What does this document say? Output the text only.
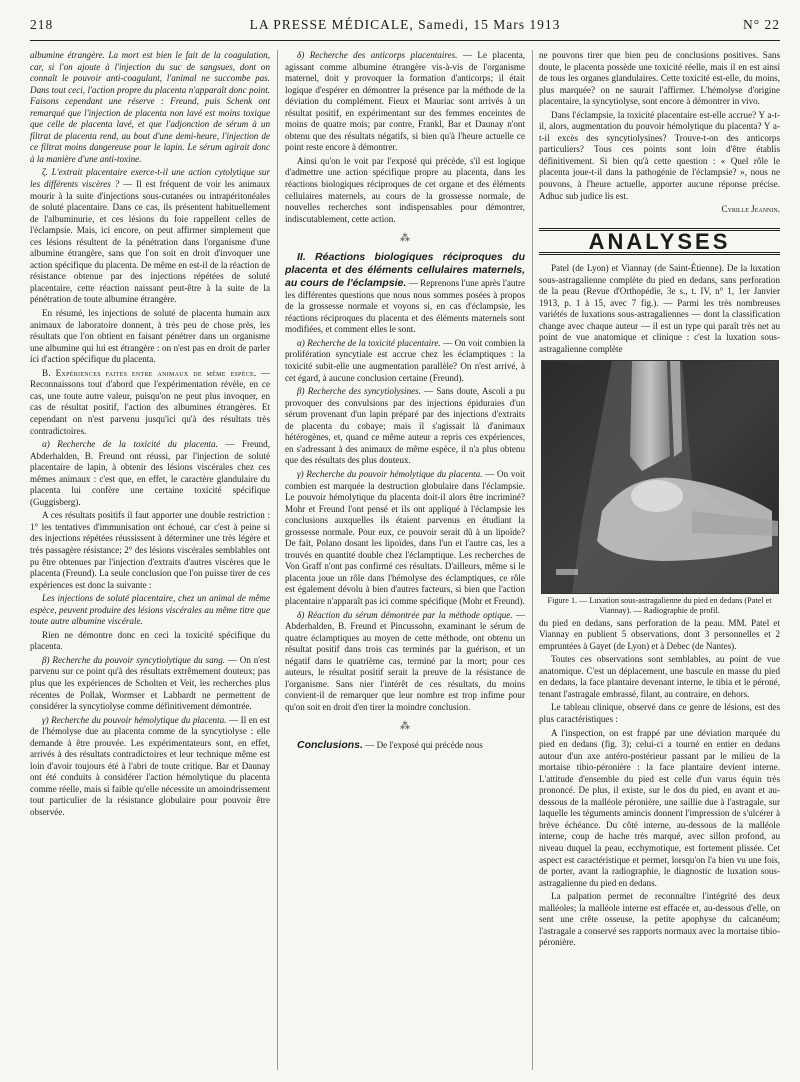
218	LA PRESSE MÉDICALE, Samedi, 15 Mars 1913	N° 22

albumine étrangère. La mort est bien le fait de la coagulation, car, si l'on ajoute à l'injection du suc de sangsues, dont on connaît le pouvoir anti-coagulant, l'animal ne succombe pas. Dans tout ceci, l'action propre du placenta n'apparaît donc point. Faisons cependant une réserve : Freund, puis Schenk ont remarqué que l'injection de placenta non lavé est moins toxique que celle de placenta lavé, et que l'adjonction de sérum à un filtrat de placenta rend, au bout d'une demi-heure, l'injection de ce filtrat moins dangereuse pour le lapin. Le sérum agirait donc à la manière d'une anti-toxine.

ζ. L'extrait placentaire exerce-t-il une action cytolytique sur les différents viscères ? — Il est fréquent de voir les animaux mourir à la suite d'injections sous-cutanées ou intrapéritonéales de soluté placentaire. Dans ce cas, ils présentent habituellement de l'albuminurie, et ces lésions du foie rappellent celles de l'éclampsie. Mais, ici encore, on peut affirmer simplement que ces lésions résultent de la pénétration dans l'organisme d'une albumine étrangère, sans que l'on soit en droit d'invoquer une action spécifique du placenta. De même en est-il de la réaction de résistance obtenue par des injections répétées de soluté placentaire, cette réaction naissant peut-être à la suite de la pénétration de toute albumine étrangère.

En résumé, les injections de soluté de placenta humain aux animaux de laboratoire donnent, à très peu de chose près, les résultats que l'on obtient en faisant pénétrer dans un organisme une albumine qui lui est étrangère : on n'est pas en droit de parler ici d'action spécifique du placenta.

B. Expériences faites entre animaux de même espèce. — Reconnaissons tout d'abord que l'expérimentation révèle, en ce cas, une toute autre valeur, puisqu'on ne peut plus invoquer, en cas de résultat positif, l'action des albumines étrangères. Et cependant on n'est parvenu jusqu'ici qu'à des résultats très contradictoires.

α) Recherche de la toxicité du placenta. — Freund, Abderhalden, B. Freund ont réussi, par l'injection de soluté placentaire de lapin, à obtenir des lésions viscérales chez ces mêmes animaux : c'est que, en effet, le caractère glandulaire du placenta lui confère une certaine toxicité spécifique (Guggisberg).

A ces résultats positifs il faut apporter une double restriction : 1° les tentatives d'immunisation ont échoué, car c'est à peine si des injections répétées réussissent à déterminer une très légère et très passagère résistance; 2° des lésions viscérales semblables ont pu être obtenues par l'injection d'extraits d'autres viscères que le placenta (Freund). La seule conclusion que l'on puisse tirer de ces expériences est donc la suivante :

Les injections de soluté placentaire, chez un animal de même espèce, peuvent produire des lésions viscérales au même titre que toute autre albumine viscérale.

Rien ne démontre donc en ceci la toxicité spécifique du placenta.

β) Recherche du pouvoir syncytiolytique du sang. — On n'est parvenu sur ce point qu'à des résultats extrêmement douteux; pas plus que les expériences de Scholten et Veit, les recherches plus récentes de Pollak, Wormser et Labbardt ne permettent de considérer la syncytiolyse comme définitivement démontrée.

γ) Recherche du pouvoir hémolytique du placenta. — Il en est de l'hémolyse due au placenta comme de la syncytiolyse : elle demande à être prouvée. Les expérimentateurs sont, en effet, arrivés à des résultats contradictoires et leur technique même est loin d'avoir toujours été à l'abri de toute critique. Bar et Daunay ont été conduits à considérer l'action hémolytique du placenta comme réelle, mais si faible qu'elle nécessite un amoindrissement tout particulier de la résistance globulaire pour pouvoir être observée.

δ) Recherche des anticorps placentaires. — Le placenta, agissant comme albumine étrangère vis-à-vis de l'organisme maternel, doit y provoquer la formation d'anticorps; il était logique d'espérer en démontrer la présence par la méthode de la déviation du complément. Fieux et Mauriac sont arrivés à un résultat positif, en expérimentant sur des femmes enceintes de moins de quatre mois; par contre, Frankl, Bar et Daunay n'ont obtenu que des résultats négatifs, si bien qu'à l'heure actuelle ce point reste encore à démontrer.

Ainsi qu'on le voit par l'exposé qui précède, s'il est logique d'admettre une action spécifique propre au placenta, dans les réactions biologiques réciproques de cet organe et des éléments cellulaires maternels, au cours de la grossesse normale, de nouvelles recherches sont indispensables pour démontrer, indiscutablement, cette action.

⁂

II. Réactions biologiques réciproques du placenta et des éléments cellulaires maternels, au cours de l'éclampsie. — Reprenons l'une après l'autre les différentes questions que nous nous sommes posées à propos de la grossesse normale et voyons si, en cas d'éclampsie, les réactions réciproques du placenta et des éléments maternels sont modifiées, et comment elles le sont.

α) Recherche de la toxicité placentaire. — On voit combien la prolifération syncytiale est accrue chez les éclamptiques : la toxicité subit-elle une augmentation parallèle? On n'est arrivé, à cet égard, à aucune conclusion certaine (Freund).

β) Recherche des syncytiolysines. — Sans doute, Ascoli a pu provoquer des convulsions par des injections épiduraies d'un sérum provenant d'un lapin préparé par des injections d'extraits de placenta du cobaye; mais il s'agissait là d'animaux hétérogènes, et, quand ce même auteur a repris ces expériences, en s'adressant à des animaux de même espèce, il n'a plus obtenu que des résultats des plus douteux.

γ) Recherche du pouvoir hémolytique du placenta. — On voit combien est marquée la destruction globulaire dans l'éclampsie. Le pouvoir hémolytique du placenta doit-il alors être incriminé? Mohr et Freund l'ont pensé et ils ont appliqué à l'éclampsie les conclusions auxquelles ils étaient parvenus en étudiant la grossesse normale. Pour eux, ce pouvoir serait dû à un lipoïde? De fait, Polano dosant les lipoïdes, dans l'un et l'autre cas, les a trouvés en quantité double chez l'éclamptique. Les recherches de Von Graff n'ont pas confirmé ces résultats. D'ailleurs, même si le placenta joue un rôle dans l'hémolyse des éclamptiques, ce rôle est également dévolu à bien d'autres facteurs, si bien que l'action placentaire n'apparaît pas ici comme spécifique (Mohr et Freund).

δ) Réaction du sérum démontrée par la méthode optique. — Abderhalden, B. Freund et Pincussohn, examinant le sérum de quatre éclamptiques au moyen de cette méthode, ont obtenu un résultat positif dans trois cas terminés par la guérison, et un négatif dans le quatrième cas, terminé par la mort; pour ces auteurs, le résultat positif serait la preuve de la résistance de l'organisme. Sans nier l'intérêt de ces résultats, du moins convient-il de remarquer que leur nombre est trop infime pour qu'on soit en droit d'en tirer la moindre conclusion.

⁂

Conclusions. — De l'exposé qui précède nous

ne pouvons tirer que bien peu de conclusions positives. Sans doute, le placenta possède une toxicité réelle, mais il en est ainsi de tous les organes glandulaires. Cette toxicité est-elle, du moins, plus marquée? on ne saurait l'affirmer. L'hémolyse d'origine placentaire, la syncytiolyse, sont encore à démontrer in vivo.

Dans l'éclampsie, la toxicité placentaire est-elle accrue? Y a-t-il, alors, augmentation du pouvoir hémolytique du placenta? Y a-t-il excès des syncytiolysines? Trouve-t-on des anticorps particuliers? Tous ces points sont loin d'être établis définitivement. Si bien qu'à cette question : « Quel rôle le placenta joue-t-il dans la pathogénie de l'éclampsie? », nous ne pouvons, à l'heure actuelle, apporter aucune réponse précise. Adhuc sub judice lis est.

Cyrille Jeannin.

ANALYSES

Patel (de Lyon) et Viannay (de Saint-Étienne). De la luxation sous-astragalienne complète du pied en dedans, sans perforation de la peau (Revue d'Orthopédie, 3e s., t. IV, n° 1, 1er Janvier 1913, p. 1 à 15, avec 7 fig.). — Parmi les très nombreuses variétés de luxations sous-astragaliennes — dont la classification change avec chaque auteur — il est un type qui paraît très net au point de vue anatomique et clinique : c'est la luxation sous-astragalienne complète

Figure 1. — Luxation sous-astragalienne du pied en dedans (Patel et Viannay). — Radiographie de profil.

du pied en dedans, sans perforation de la peau. MM. Patel et Viannay en publient 5 observations, dont 3 personnelles et 2 empruntées à Gayet (de Lyon) et à Debec (de Nantes).

Toutes ces observations sont semblables, au point de vue anatomique. C'est un déplacement, une bascule en masse du pied en dedans, la face plantaire devenant interne, le tibia et le péroné, tenant l'astragale embrassé, filant, au contraire, en dehors.

Le tableau clinique, observé dans ce genre de lésions, est des plus caractéristiques :

A l'inspection, on est frappé par une déviation marquée du pied en dedans (fig. 3); celui-ci a tourné en entier en dedans autour d'un axe antéro-postérieur passant par le milieu de la mortaise tibio-péronière : la face plantaire devient interne. L'attitude d'ensemble du pied est celle d'un varus équin très prononcé. De plus, il existe, sur le dos du pied, en avant et au-dessous de la malléole péronière, une saillie due à l'astragale, sur laquelle les téguments amincis donnent l'impression de s'ulcérer à brève échéance. Du côté interne, au-dessous de la malléole interne, coup de hache très marqué, avec sillon profond, au niveau duquel la peau, ecchymotique, est fortement plissée. Cet aspect est caractéristique et permet, lorsqu'on l'a bien vu une fois, de porter, avant la radiographie, le diagnostic de luxation sous-astragalienne du pied en dedans.

La palpation permet de reconnaître l'intégrité des deux malléoles; la malléole interne est effacée et, au-dessous d'elle, on sent une crête osseuse, la petite apophyse du calcanéum; l'astragale a conservé ses rapports normaux avec la mortaise tibio-péronière.
